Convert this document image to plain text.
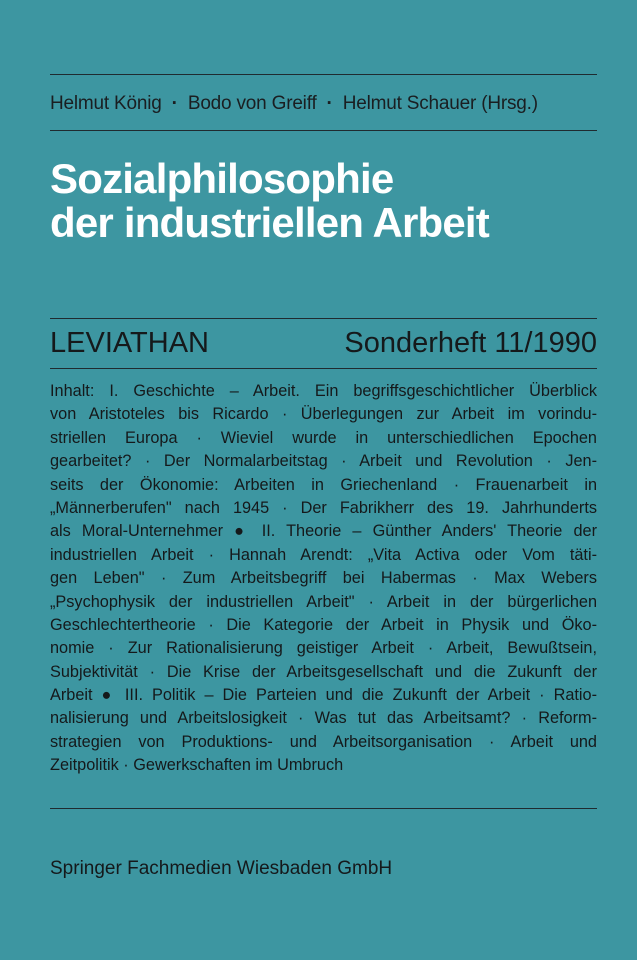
Helmut König · Bodo von Greiff · Helmut Schauer (Hrsg.)
Sozialphilosophie
der industriellen Arbeit
LEVIATHAN	Sonderheft 11/1990
Inhalt: I. Geschichte – Arbeit. Ein begriffsgeschichtlicher Überblick
von Aristoteles bis Ricardo · Überlegungen zur Arbeit im vorindu-
striellen Europa · Wieviel wurde in unterschiedlichen Epochen
gearbeitet? · Der Normalarbeitstag · Arbeit und Revolution · Jen-
seits der Ökonomie: Arbeiten in Griechenland · Frauenarbeit in
„Männerberufen" nach 1945 · Der Fabrikherr des 19. Jahrhunderts
als Moral-Unternehmer ● II. Theorie – Günther Anders' Theorie der
industriellen Arbeit · Hannah Arendt: „Vita Activa oder Vom täti-
gen Leben" · Zum Arbeitsbegriff bei Habermas · Max Webers
„Psychophysik der industriellen Arbeit" · Arbeit in der bürgerlichen
Geschlechtertheorie · Die Kategorie der Arbeit in Physik und Öko-
nomie · Zur Rationalisierung geistiger Arbeit · Arbeit, Bewußtsein,
Subjektivität · Die Krise der Arbeitsgesellschaft und die Zukunft der
Arbeit ● III. Politik – Die Parteien und die Zukunft der Arbeit · Ratio-
nalisierung und Arbeitslosigkeit · Was tut das Arbeitsamt? · Reform-
strategien von Produktions- und Arbeitsorganisation · Arbeit und
Zeitpolitik · Gewerkschaften im Umbruch
Springer Fachmedien Wiesbaden GmbH
